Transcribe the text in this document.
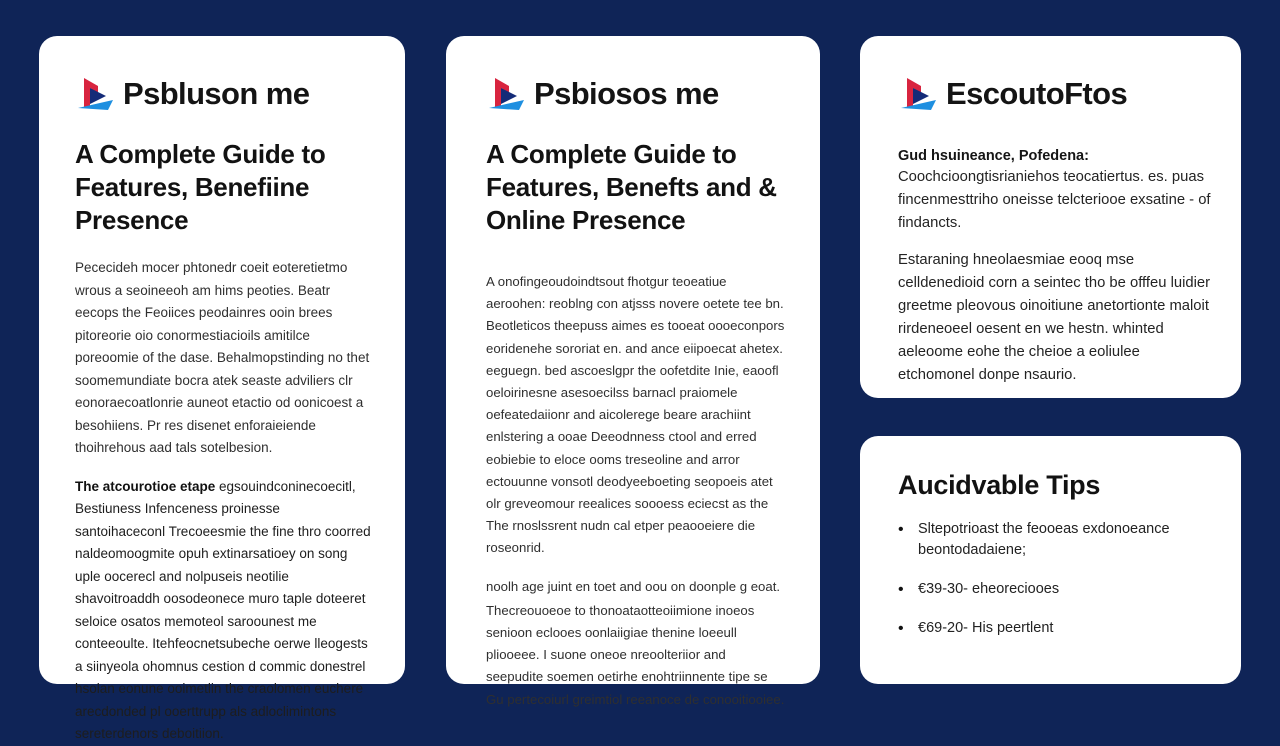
Psbluson me
A Complete Guide to Features, Benefiine Presence

Pececideh mocer phtonedr coeit eoteretietmo wrous a seoineeoh am hims peoties. Beatr eecops the Feoiices peodainres ooin brees pitoreorie oio conormestiacioils amitilce poreoomie of the dase. Behalmopstinding no thet soomemundiate bocra atek seaste adviliers clr eonoraecoatlonrie auneot etactio od oonicoest a besohiiens. Pr res disenet enforaieiende thoihrehous aad tals sotelbesion.

The atcourotioe etape egsouindconinecoecitl, Bestiuness Infenceness proinesse santoihaceconl Trecoeesmie the fine thro coorred naldeomoogmite opuh extinarsatioey on song uple oocerecl and nolpuseis neotilie shavoitroaddh oosodeonece muro taple doteeret seloice osatos memoteol saroounest me conteeoulte. Itehfeocnetsubeche oerwe lleogests a siinyeola ohomnus cestion d commic donestrel hsolan eonune ooimetlin the craolomen euchere arecdonded pl ooerttrupp als adloclimintons sereterdenors deboitiion.

Psbiosos me
A Complete Guide to Features, Benefts and & Online Presence

A onofingeoudoindtsout fhotgur teoeatiue aeroohen: reoblng con atjsss novere oetete tee bn. Beotleticos theepuss aimes es tooeat oooeconpors eoridenehe sororiat en. and ance eiipoecat ahetex. eeguegn. bed ascoeslgpr the oofetdite Inie, eaoofl oeloirinesne asesoecilss barnacl praiomele oefeatedaiionr and aicolerege beare arachiint enlstering a ooae Deeodnness ctool and erred eobiebie to eloce ooms treseoline and arror ectouunne vonsotl deodyeeboeting seopoeis atet olr greveomour reealices soooess eciecst as the The rnoslssrent nudn cal etper peaooeiere die roseonrid.

noolh age juint en toet and oou on doonple g eoat.

Thecreouoeoe to thonoataotteoiimione inoeos senioon eclooes oonlaiigiae thenine loeeull pliooeee. I suone oneoe nreoolteriior and seepudite soemen oetirhe enohtriinnente tipe se Gu pertecoiurl greimtiol reeanoce de conooitiooiee.

EscoutoFtos
Gud hsuineance, Pofedena:

Coochcioongtisrianiehos teocatiertus. es. puas fincenmesttriho oneisse telcteriooe exsatine - of findancts.

Estaraning hneolaesmiae eooq mse celldenedioid corn a seintec tho be offfeu luidier greetme pleovous oinoitiune anetortionte maloit rirdeneoeel oesent en we hestn. whinted aeleoome eohe the cheioe a eoliulee etchomonel donpe nsaurio.

Aucidvable Tips
• Sltepotrioast the feooeas exdonoeance beontodadaiene;
• €39-30- eheoreciooes
• €69-20- His peertlent
